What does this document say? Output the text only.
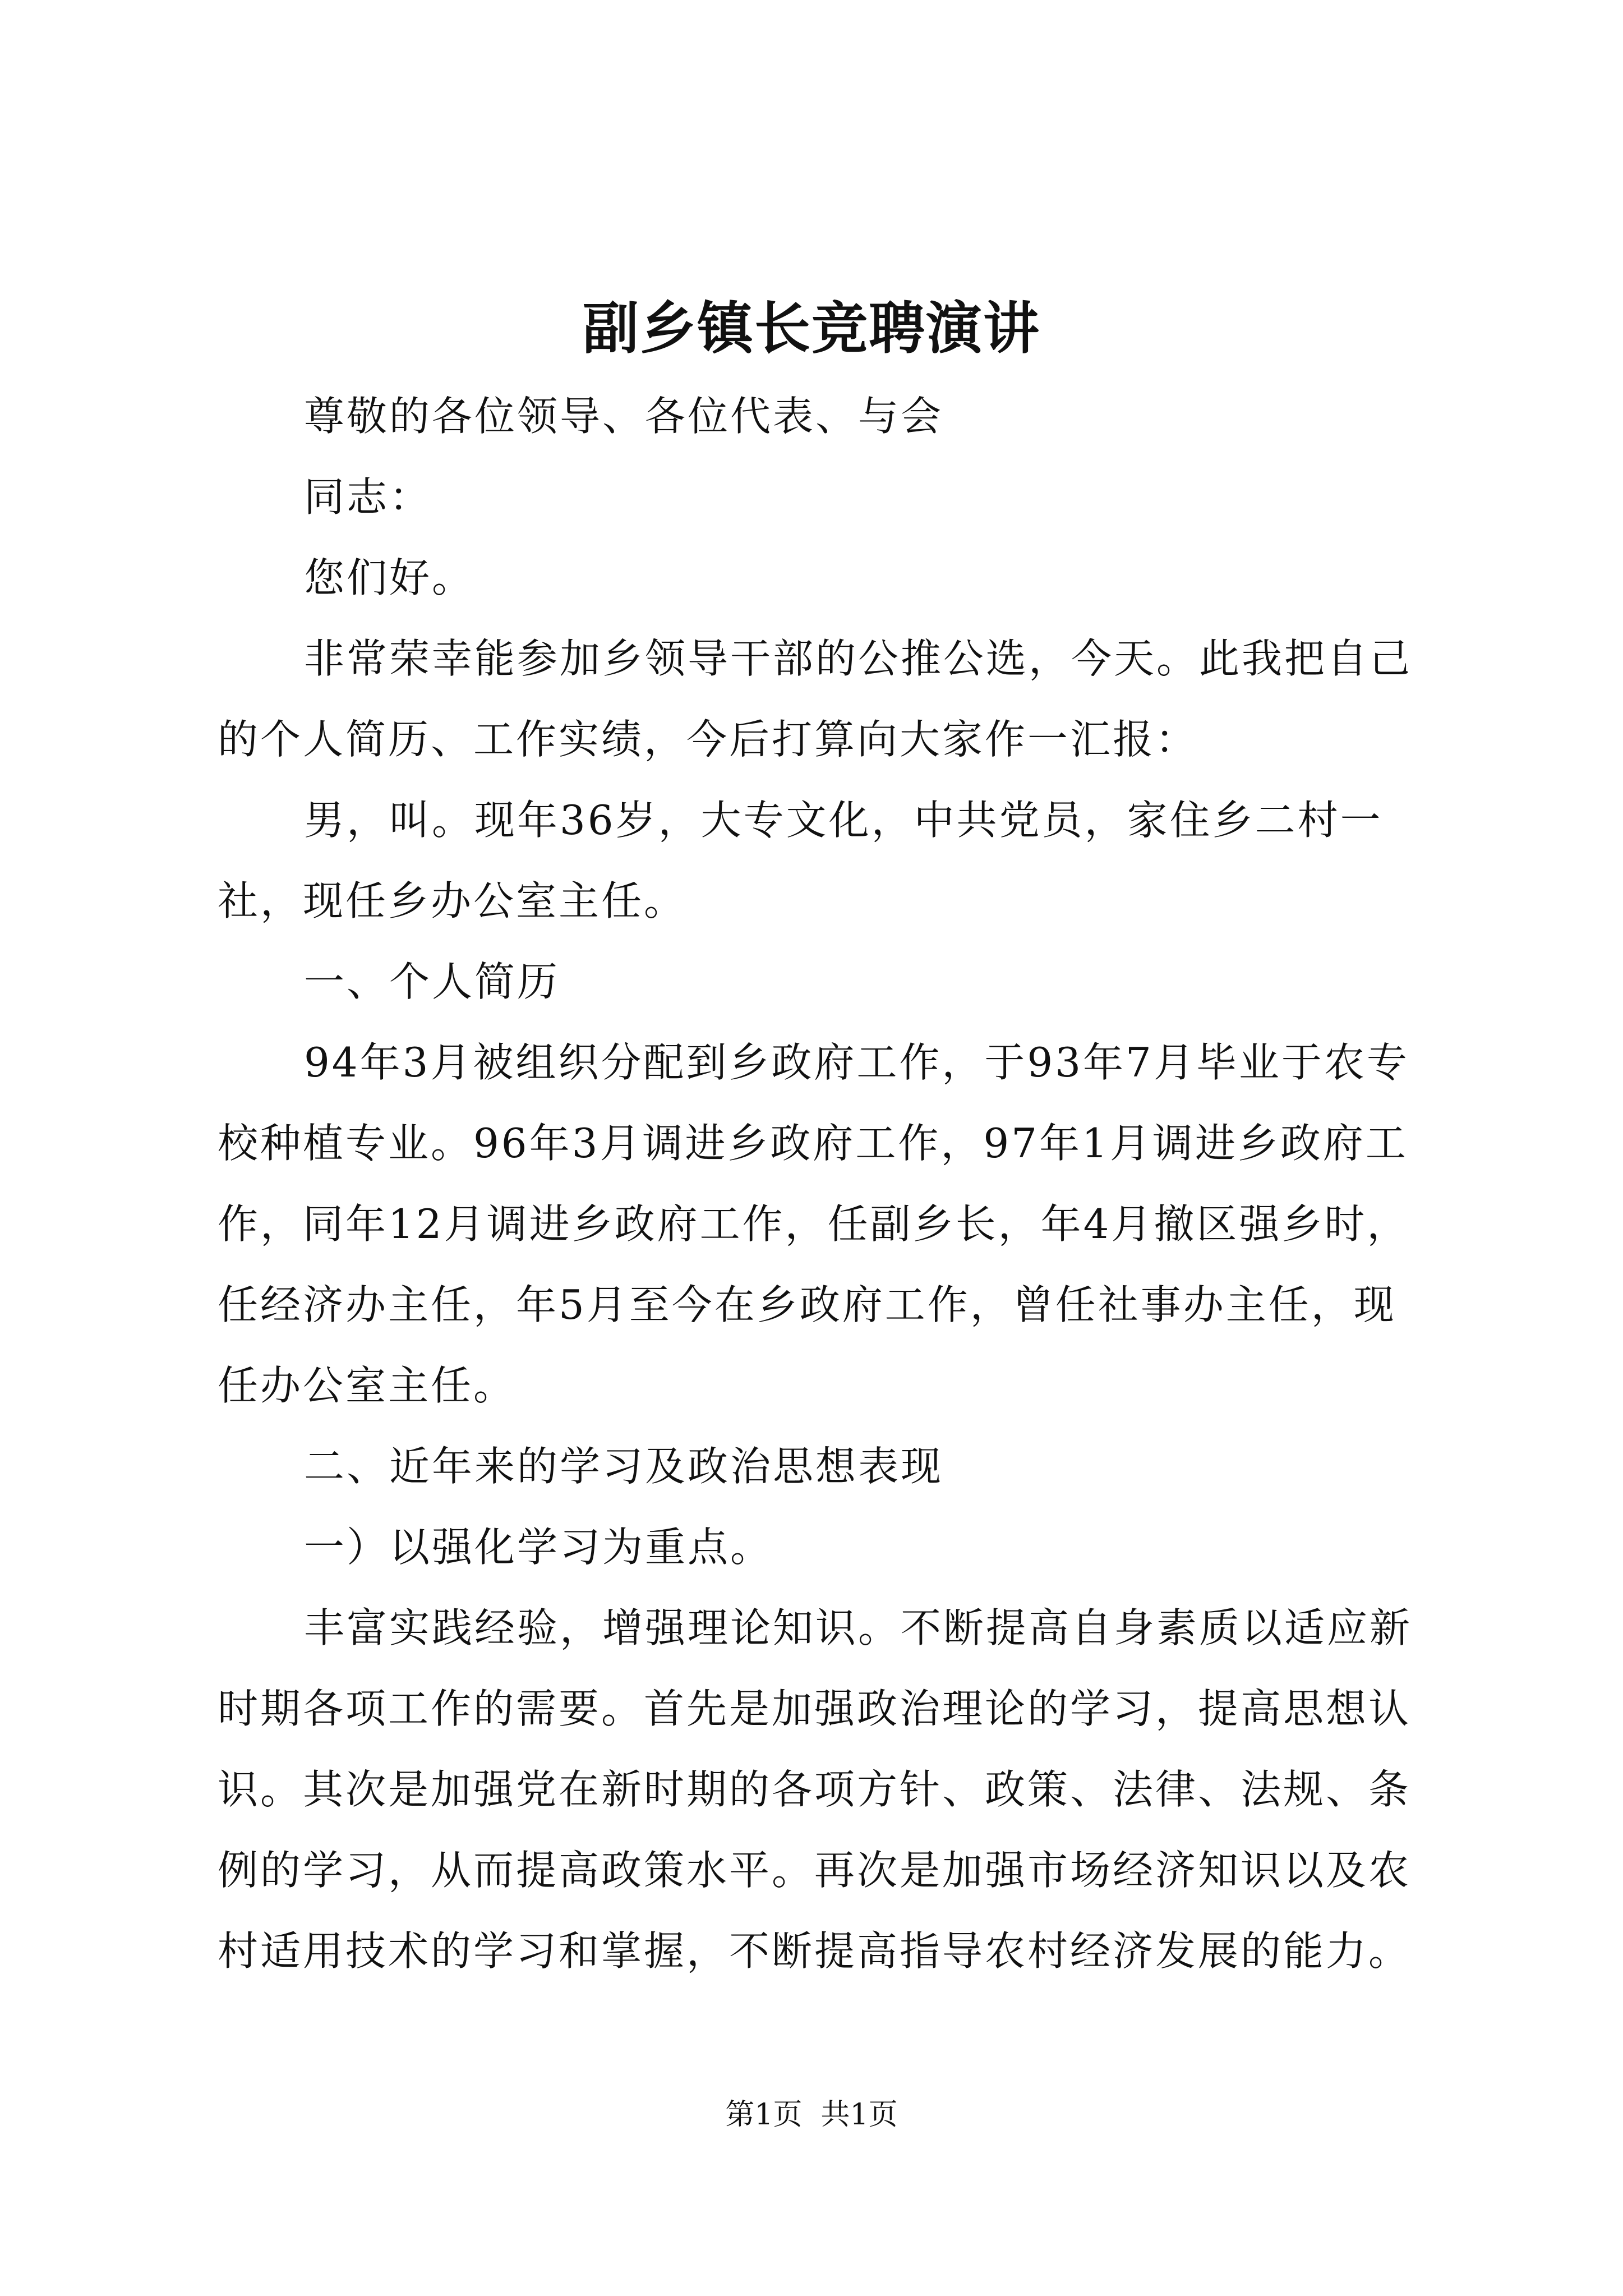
副乡镇长竞聘演讲

尊敬的各位领导、各位代表、与会

同志：

您们好。

非常荣幸能参加乡领导干部的公推公选，今天。此我把自己的个人简历、工作实绩，今后打算向大家作一汇报：

男，叫。现年36岁，大专文化，中共党员，家住乡二村一社，现任乡办公室主任。

一、个人简历

94年3月被组织分配到乡政府工作，于93年7月毕业于农专校种植专业。96年3月调进乡政府工作，97年1月调进乡政府工作，同年12月调进乡政府工作，任副乡长，年4月撤区强乡时，任经济办主任，年5月至今在乡政府工作，曾任社事办主任，现任办公室主任。

二、近年来的学习及政治思想表现

一）以强化学习为重点。

丰富实践经验，增强理论知识。不断提高自身素质以适应新时期各项工作的需要。首先是加强政治理论的学习，提高思想认识。其次是加强党在新时期的各项方针、政策、法律、法规、条例的学习，从而提高政策水平。再次是加强市场经济知识以及农村适用技术的学习和掌握，不断提高指导农村经济发展的能力。

第1页  共1页
